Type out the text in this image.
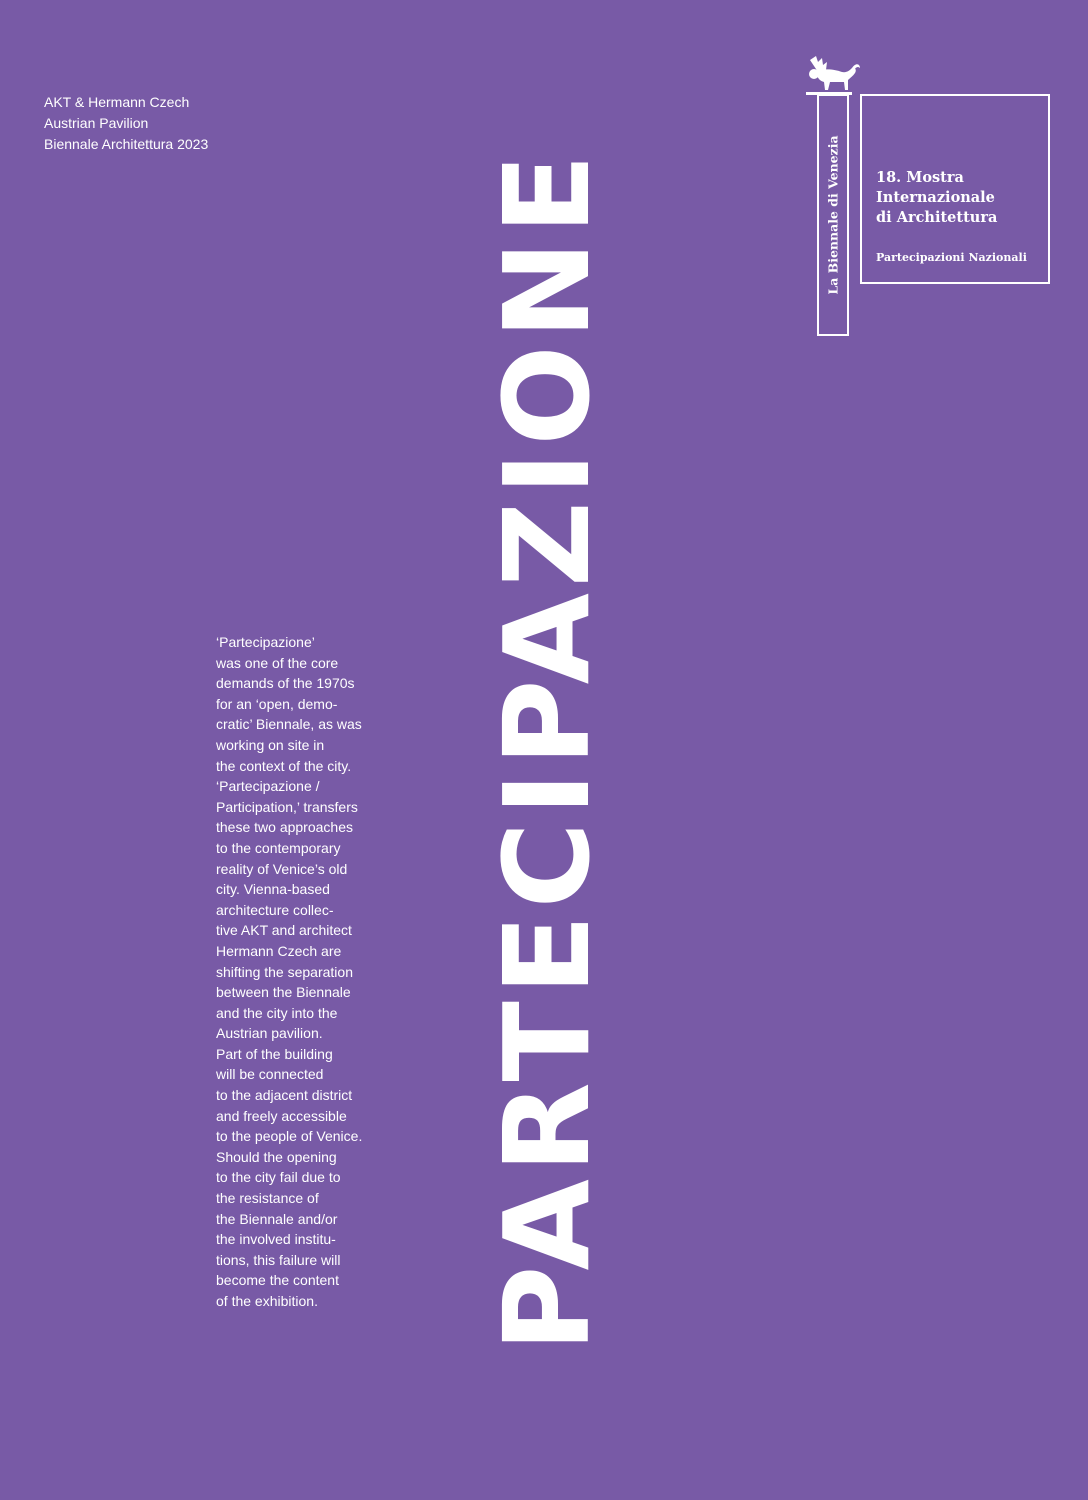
AKT & Hermann Czech
Austrian Pavilion
Biennale Architettura 2023
PARTECIPAZIONE
‘Partecipazione’
was one of the core
demands of the 1970s
for an ‘open, demo-
cratic’ Biennale, as was
working on site in
the context of the city.
‘Partecipazione /
Participation,’ transfers
these two approaches
to the contemporary
reality of Venice’s old
city. Vienna-based
architecture collec-
tive AKT and architect
Hermann Czech are
shifting the separation
between the Biennale
and the city into the
Austrian pavilion.
Part of the building
will be connected
to the adjacent district
and freely accessible
to the people of Venice.
Should the opening
to the city fail due to
the resistance of
the Biennale and/or
the involved institu-
tions, this failure will
become the content
of the exhibition.
La Biennale di Venezia 18. Mostra
Internazionale
di Architettura
Partecipazioni Nazionali
